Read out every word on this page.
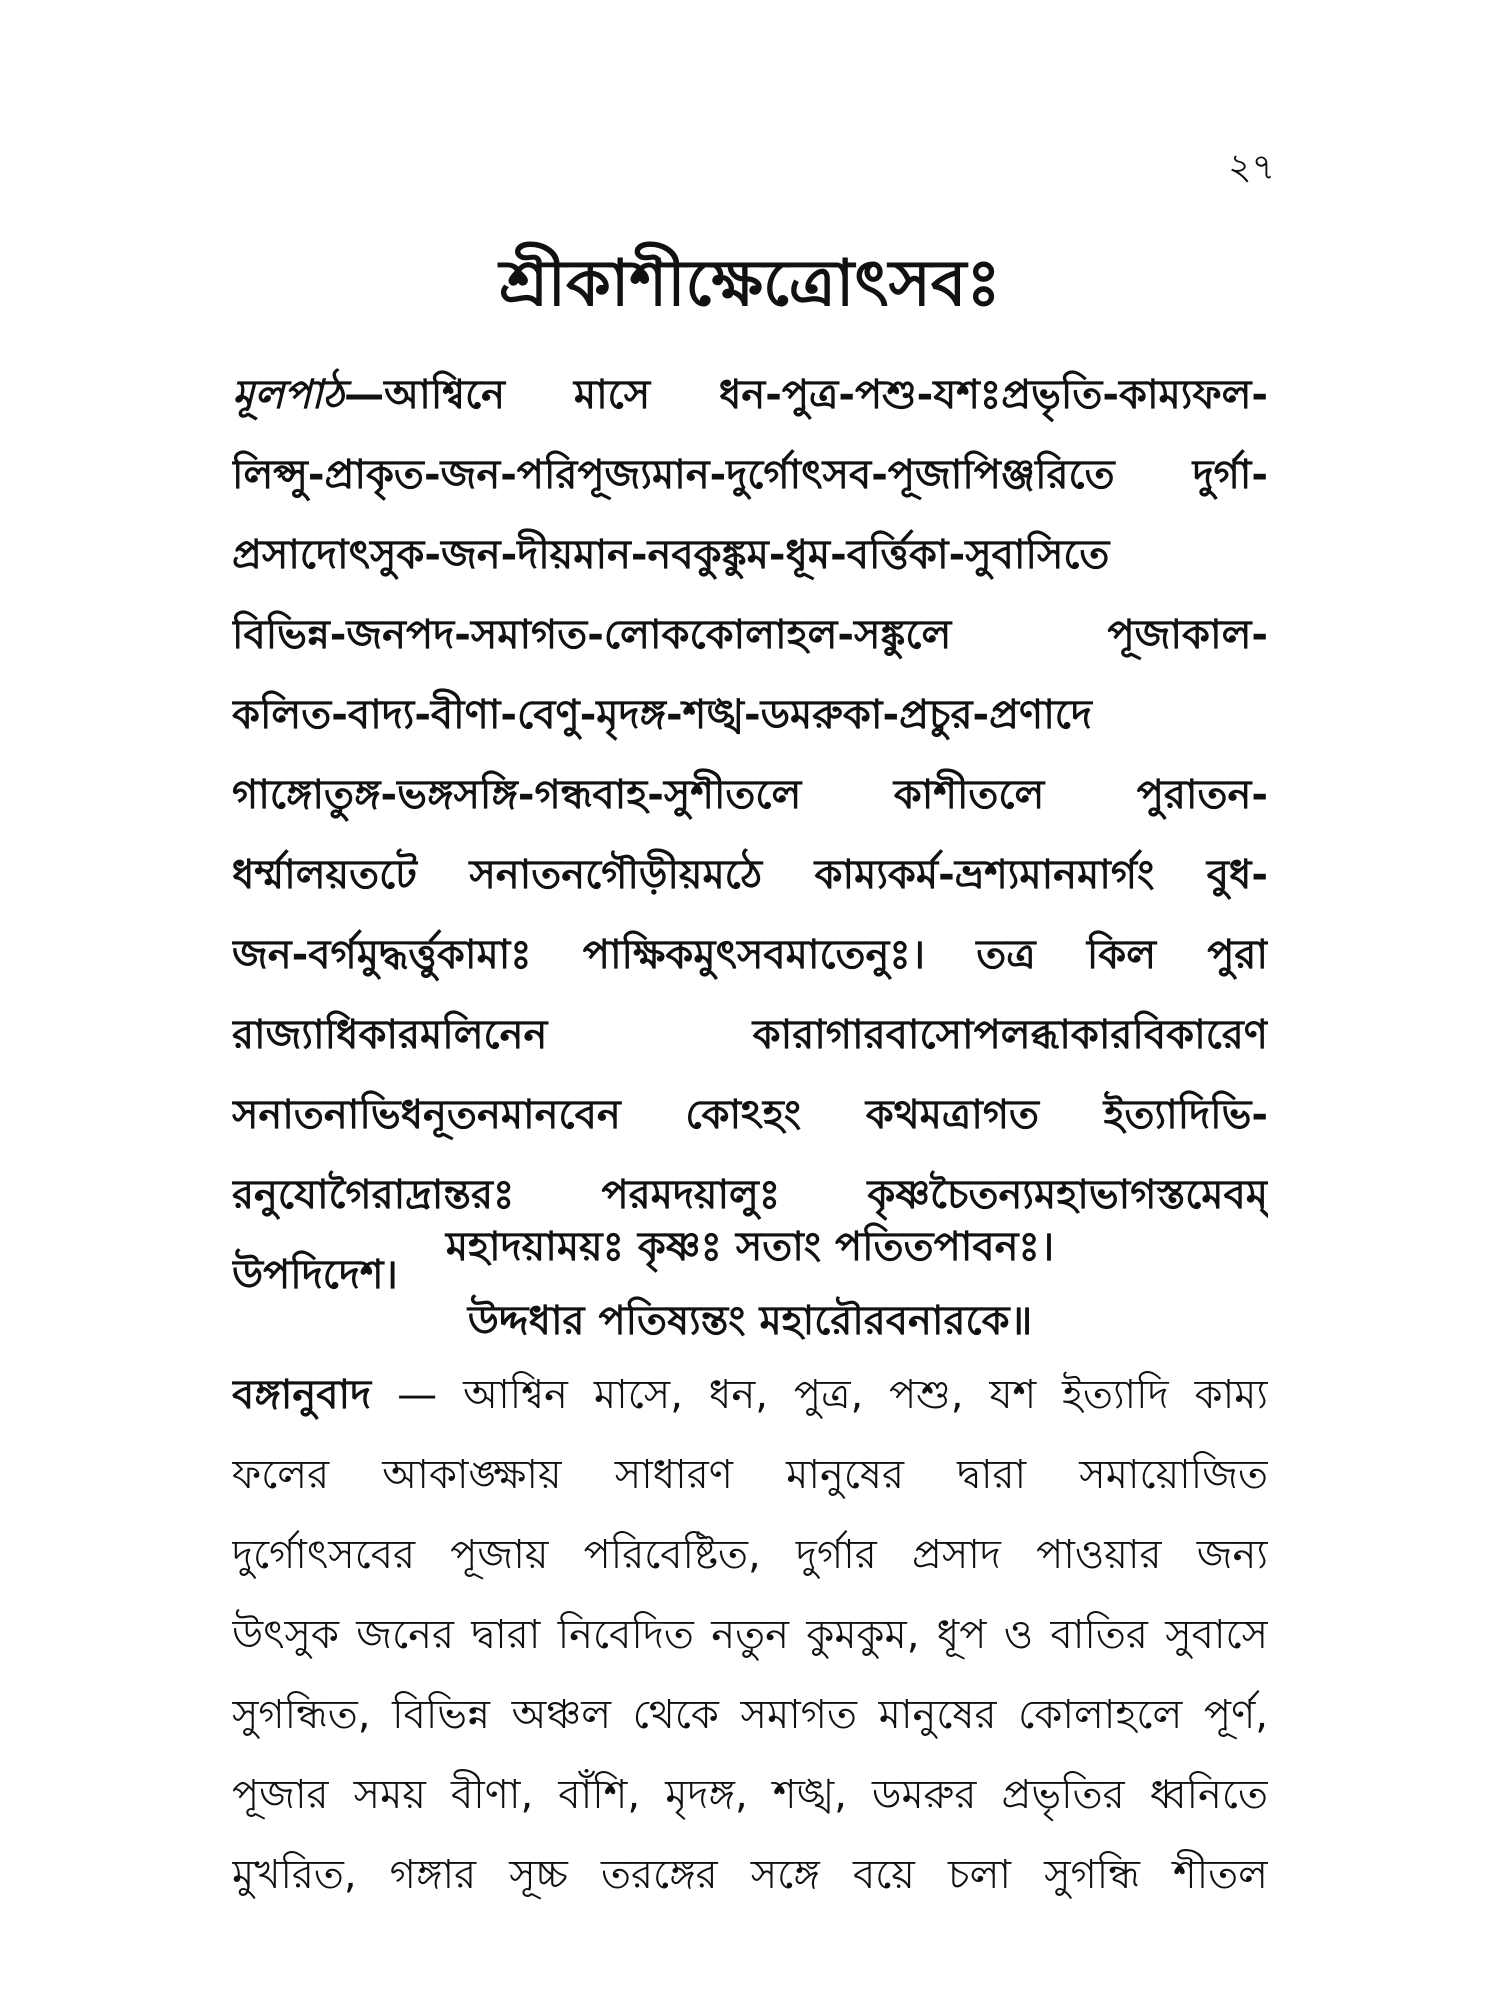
২৭
শ্রীকাশীক্ষেত্রোৎসবঃ
মূলপাঠ—আশ্বিনে মাসে ধন-পুত্র-পশু-যশঃপ্রভৃতি-কাম্যফল-
লিপ্সু-প্রাকৃত-জন-পরিপূজ্যমান-দুর্গোৎসব-পূজাপিঞ্জরিতে দুর্গা-
প্রসাদোৎসুক-জন-দীয়মান-নবকুঙ্কুম-ধূম-বর্ত্তিকা-সুবাসিতে
বিভিন্ন-জনপদ-সমাগত-লোককোলাহল-সঙ্কুলে পূজাকাল-
কলিত-বাদ্য-বীণা-বেণু-মৃদঙ্গ-শঙ্খ-ডমরুকা-প্রচুর-প্রণাদে
গাঙ্গোতুঙ্গ-ভঙ্গসঙ্গি-গন্ধবাহ-সুশীতলে কাশীতলে পুরাতন-
ধর্ম্মালয়তটে সনাতনগৌড়ীয়মঠে কাম্যকর্ম-ভ্রশ্যমানমার্গং বুধ-
জন-বর্গমুদ্ধর্ত্তুকামাঃ পাক্ষিকমুৎসবমাতেনুঃ। তত্র কিল পুরা
রাজ্যাধিকারমলিনেন কারাগারবাসোপলব্ধাকারবিকারেণ
সনাতনাভিধনূতনমানবেন কোঽহং কথমত্রাগত ইত্যাদিভি-
রনুযোগৈরাদ্রান্তরঃ পরমদয়ালুঃ কৃষ্ণচৈতন্যমহাভাগস্তমেবম্
উপদিদেশ।
মহাদয়াময়ঃ কৃষ্ণঃ সতাং পতিতপাবনঃ।
উদ্দধার পতিষ্যন্তং মহারৌরবনারকে॥
বঙ্গানুবাদ — আশ্বিন মাসে, ধন, পুত্র, পশু, যশ ইত্যাদি কাম্য
ফলের আকাঙ্ক্ষায় সাধারণ মানুষের দ্বারা সমায়োজিত
দুর্গোৎসবের পূজায় পরিবেষ্টিত, দুর্গার প্রসাদ পাওয়ার জন্য
উৎসুক জনের দ্বারা নিবেদিত নতুন কুমকুম, ধূপ ও বাতির সুবাসে
সুগন্ধিত, বিভিন্ন অঞ্চল থেকে সমাগত মানুষের কোলাহলে পূর্ণ,
পূজার সময় বীণা, বাঁশি, মৃদঙ্গ, শঙ্খ, ডমরুর প্রভৃতির ধ্বনিতে
মুখরিত, গঙ্গার সূচ্চ তরঙ্গের সঙ্গে বয়ে চলা সুগন্ধি শীতল
